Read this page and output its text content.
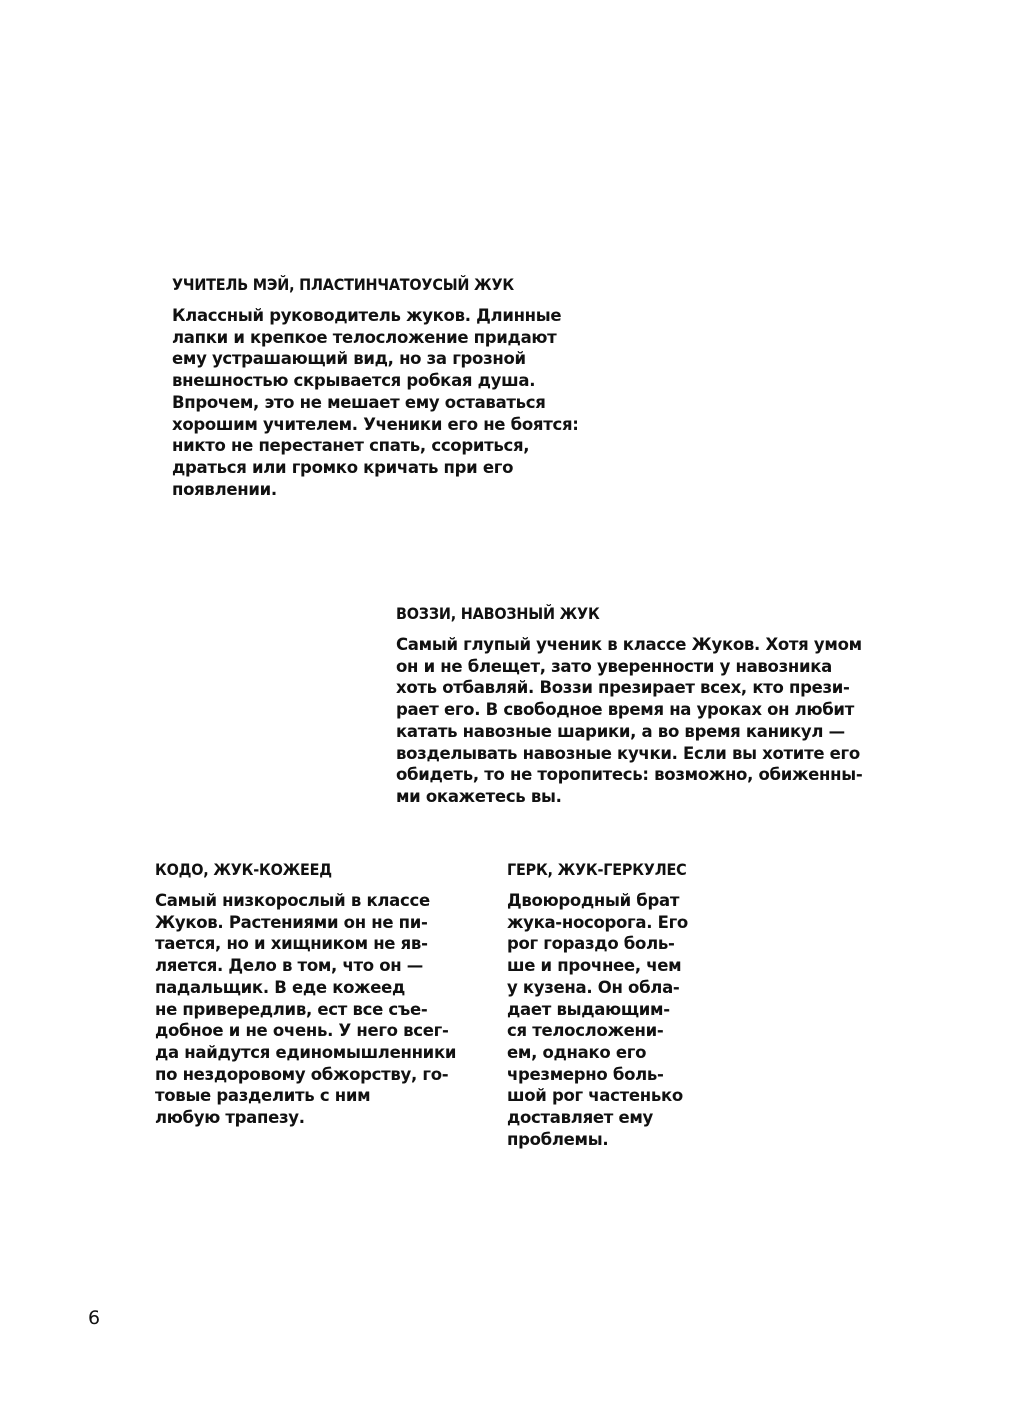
УЧИТЕЛЬ МЭЙ, ПЛАСТИНЧАТОУСЫЙ ЖУК
Классный руководитель жуков. Длинные
лапки и крепкое телосложение придают
ему устрашающий вид, но за грозной
внешностью скрывается робкая душа.
Впрочем, это не мешает ему оставаться
хорошим учителем. Ученики его не боятся:
никто не перестанет спать, ссориться,
драться или громко кричать при его
появлении.
ВОЗЗИ, НАВОЗНЫЙ ЖУК
Самый глупый ученик в классе Жуков. Хотя умом
он и не блещет, зато уверенности у навозника
хоть отбавляй. Воззи презирает всех, кто прези-
рает его. В свободное время на уроках он любит
катать навозные шарики, а во время каникул —
возделывать навозные кучки. Если вы хотите его
обидеть, то не торопитесь: возможно, обиженны-
ми окажетесь вы.
КОДО, ЖУК-КОЖЕЕД
Самый низкорослый в классе
Жуков. Растениями он не пи-
тается, но и хищником не яв-
ляется. Дело в том, что он —
падальщик. В еде кожеед
не привередлив, ест все съе-
добное и не очень. У него всег-
да найдутся единомышленники
по нездоровому обжорству, го-
товые разделить с ним
любую трапезу.
ГЕРК, ЖУК-ГЕРКУЛЕС
Двоюродный брат
жука-носорога. Его
рог гораздо боль-
ше и прочнее, чем
у кузена. Он обла-
дает выдающим-
ся телосложени-
ем, однако его
чрезмерно боль-
шой рог частенько
доставляет ему
проблемы.
6
